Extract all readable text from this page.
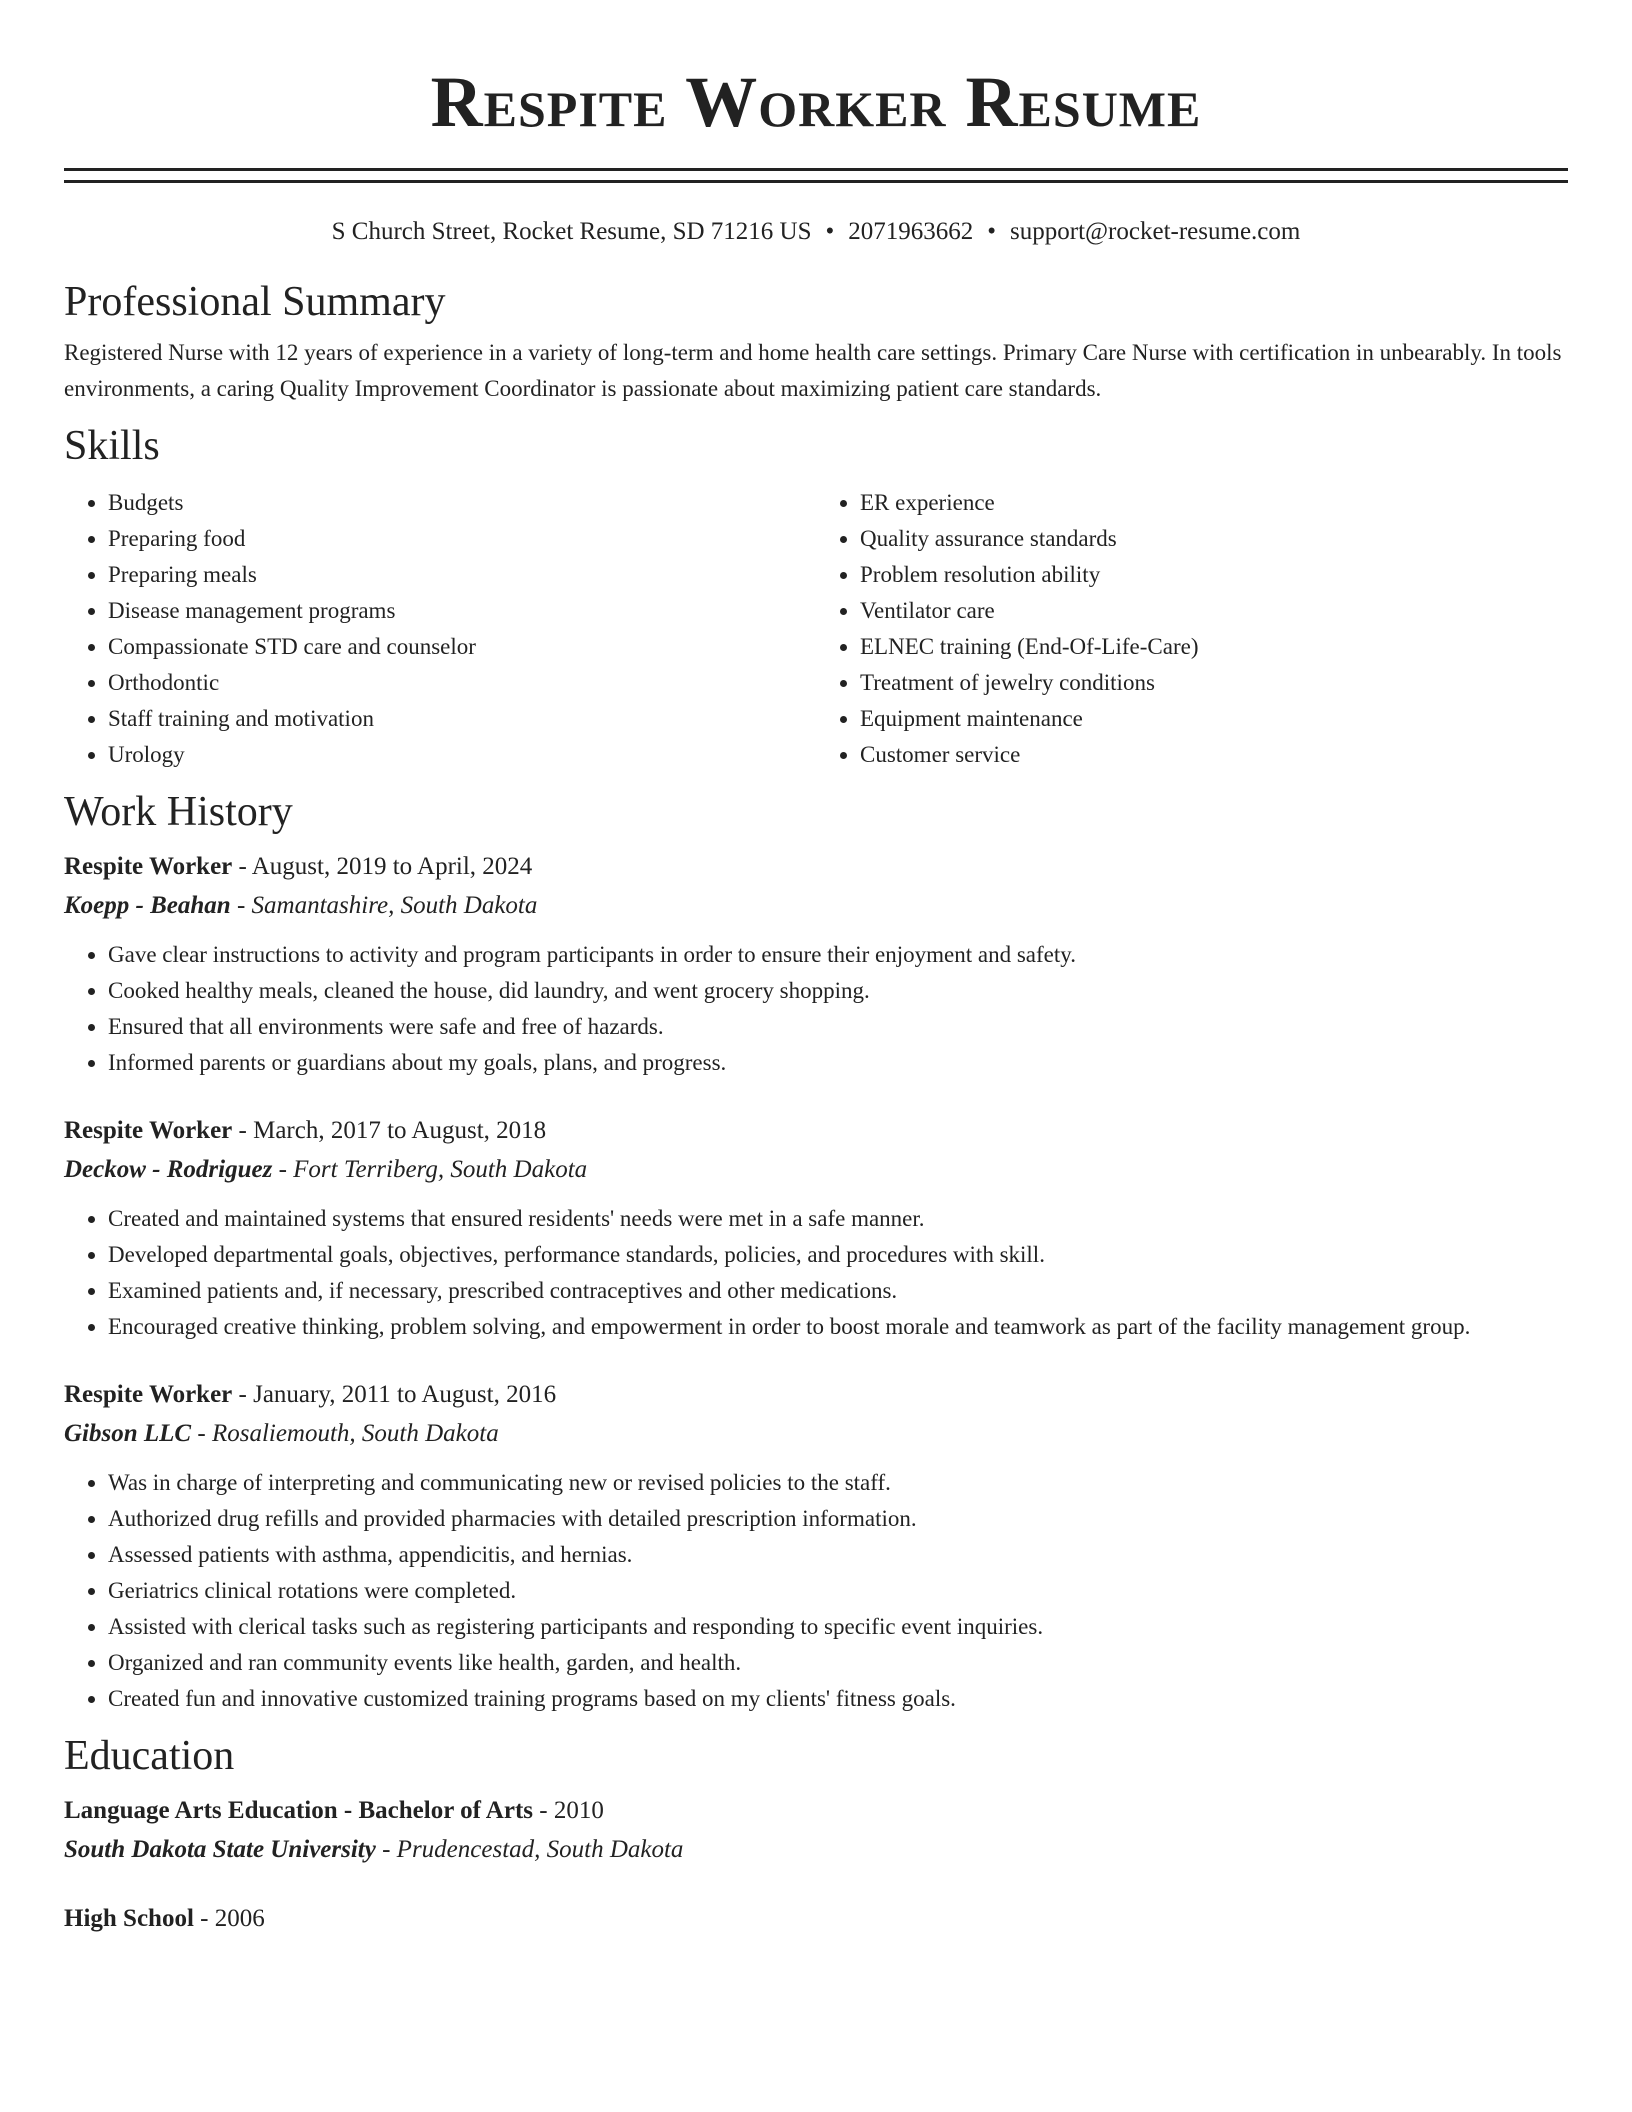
Respite Worker Resume
S Church Street, Rocket Resume, SD 71216 US • 2071963662 • support@rocket-resume.com
Professional Summary

Registered Nurse with 12 years of experience in a variety of long-term and home health care settings. Primary Care Nurse with certification in unbearably. In tools environments, a caring Quality Improvement Coordinator is passionate about maximizing patient care standards.

Skills
• Budgets
• Preparing food
• Preparing meals
• Disease management programs
• Compassionate STD care and counselor
• Orthodontic
• Staff training and motivation
• Urology
• ER experience
• Quality assurance standards
• Problem resolution ability
• Ventilator care
• ELNEC training (End-Of-Life-Care)
• Treatment of jewelry conditions
• Equipment maintenance
• Customer service
Work History

Respite Worker - August, 2019 to April, 2024

Koepp - Beahan - Samantashire, South Dakota

• Gave clear instructions to activity and program participants in order to ensure their enjoyment and safety.
• Cooked healthy meals, cleaned the house, did laundry, and went grocery shopping.
• Ensured that all environments were safe and free of hazards.
• Informed parents or guardians about my goals, plans, and progress.

Respite Worker - March, 2017 to August, 2018

Deckow - Rodriguez - Fort Terriberg, South Dakota

• Created and maintained systems that ensured residents' needs were met in a safe manner.
• Developed departmental goals, objectives, performance standards, policies, and procedures with skill.
• Examined patients and, if necessary, prescribed contraceptives and other medications.
• Encouraged creative thinking, problem solving, and empowerment in order to boost morale and teamwork as part of the facility management group.

Respite Worker - January, 2011 to August, 2016

Gibson LLC - Rosaliemouth, South Dakota

• Was in charge of interpreting and communicating new or revised policies to the staff.
• Authorized drug refills and provided pharmacies with detailed prescription information.
• Assessed patients with asthma, appendicitis, and hernias.
• Geriatrics clinical rotations were completed.
• Assisted with clerical tasks such as registering participants and responding to specific event inquiries.
• Organized and ran community events like health, garden, and health.
• Created fun and innovative customized training programs based on my clients' fitness goals.
Education

Language Arts Education - Bachelor of Arts - 2010

South Dakota State University - Prudencestad, South Dakota

High School - 2006
